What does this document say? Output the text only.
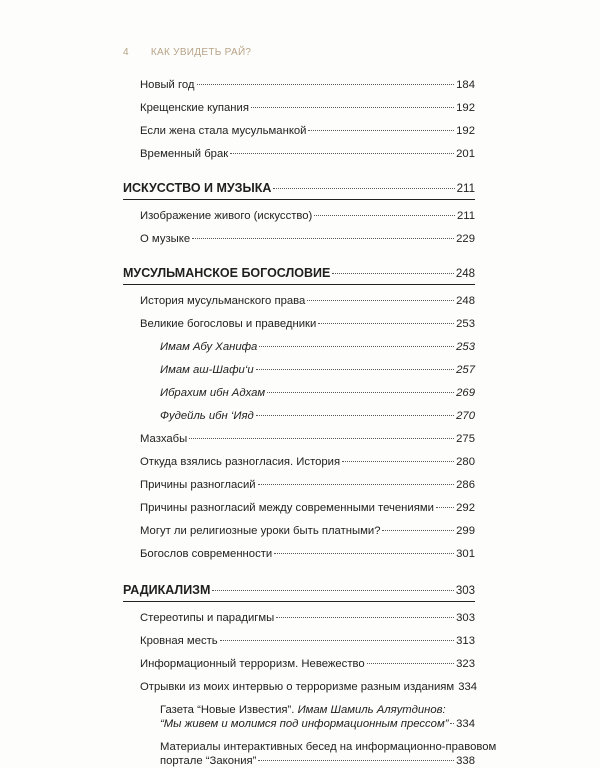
4 КАК УВИДЕТЬ РАЙ?
Новый год	184
Крещенские купания	192
Если жена стала мусульманкой	192
Временный брак	201
ИСКУССТВО И МУЗЫКА	211
Изображение живого (искусство)	211
О музыке	229
МУСУЛЬМАНСКОЕ БОГОСЛОВИЕ	248
История мусульманского права	248
Великие богословы и праведники	253
Имам Абу Ханифа	253
Имам аш-Шафи‘и	257
Ибрахим ибн Адхам	269
Фудейль ибн ‘Ияд	270
Мазхабы	275
Откуда взялись разногласия. История	280
Причины разногласий	286
Причины разногласий между современными течениями 292
Могут ли религиозные уроки быть платными?	299
Богослов современности	301
РАДИКАЛИЗМ	303
Стереотипы и парадигмы	303
Кровная месть	313
Информационный терроризм. Невежество	323
Отрывки из моих интервью о терроризме разным изданиям 334
Газета “Новые Известия”. Имам Шамиль Аляутдинов:
“Мы живем и молимся под информационным прессом” 334
Материалы интерактивных бесед на информационно-правовом
портале “Закония”	338
